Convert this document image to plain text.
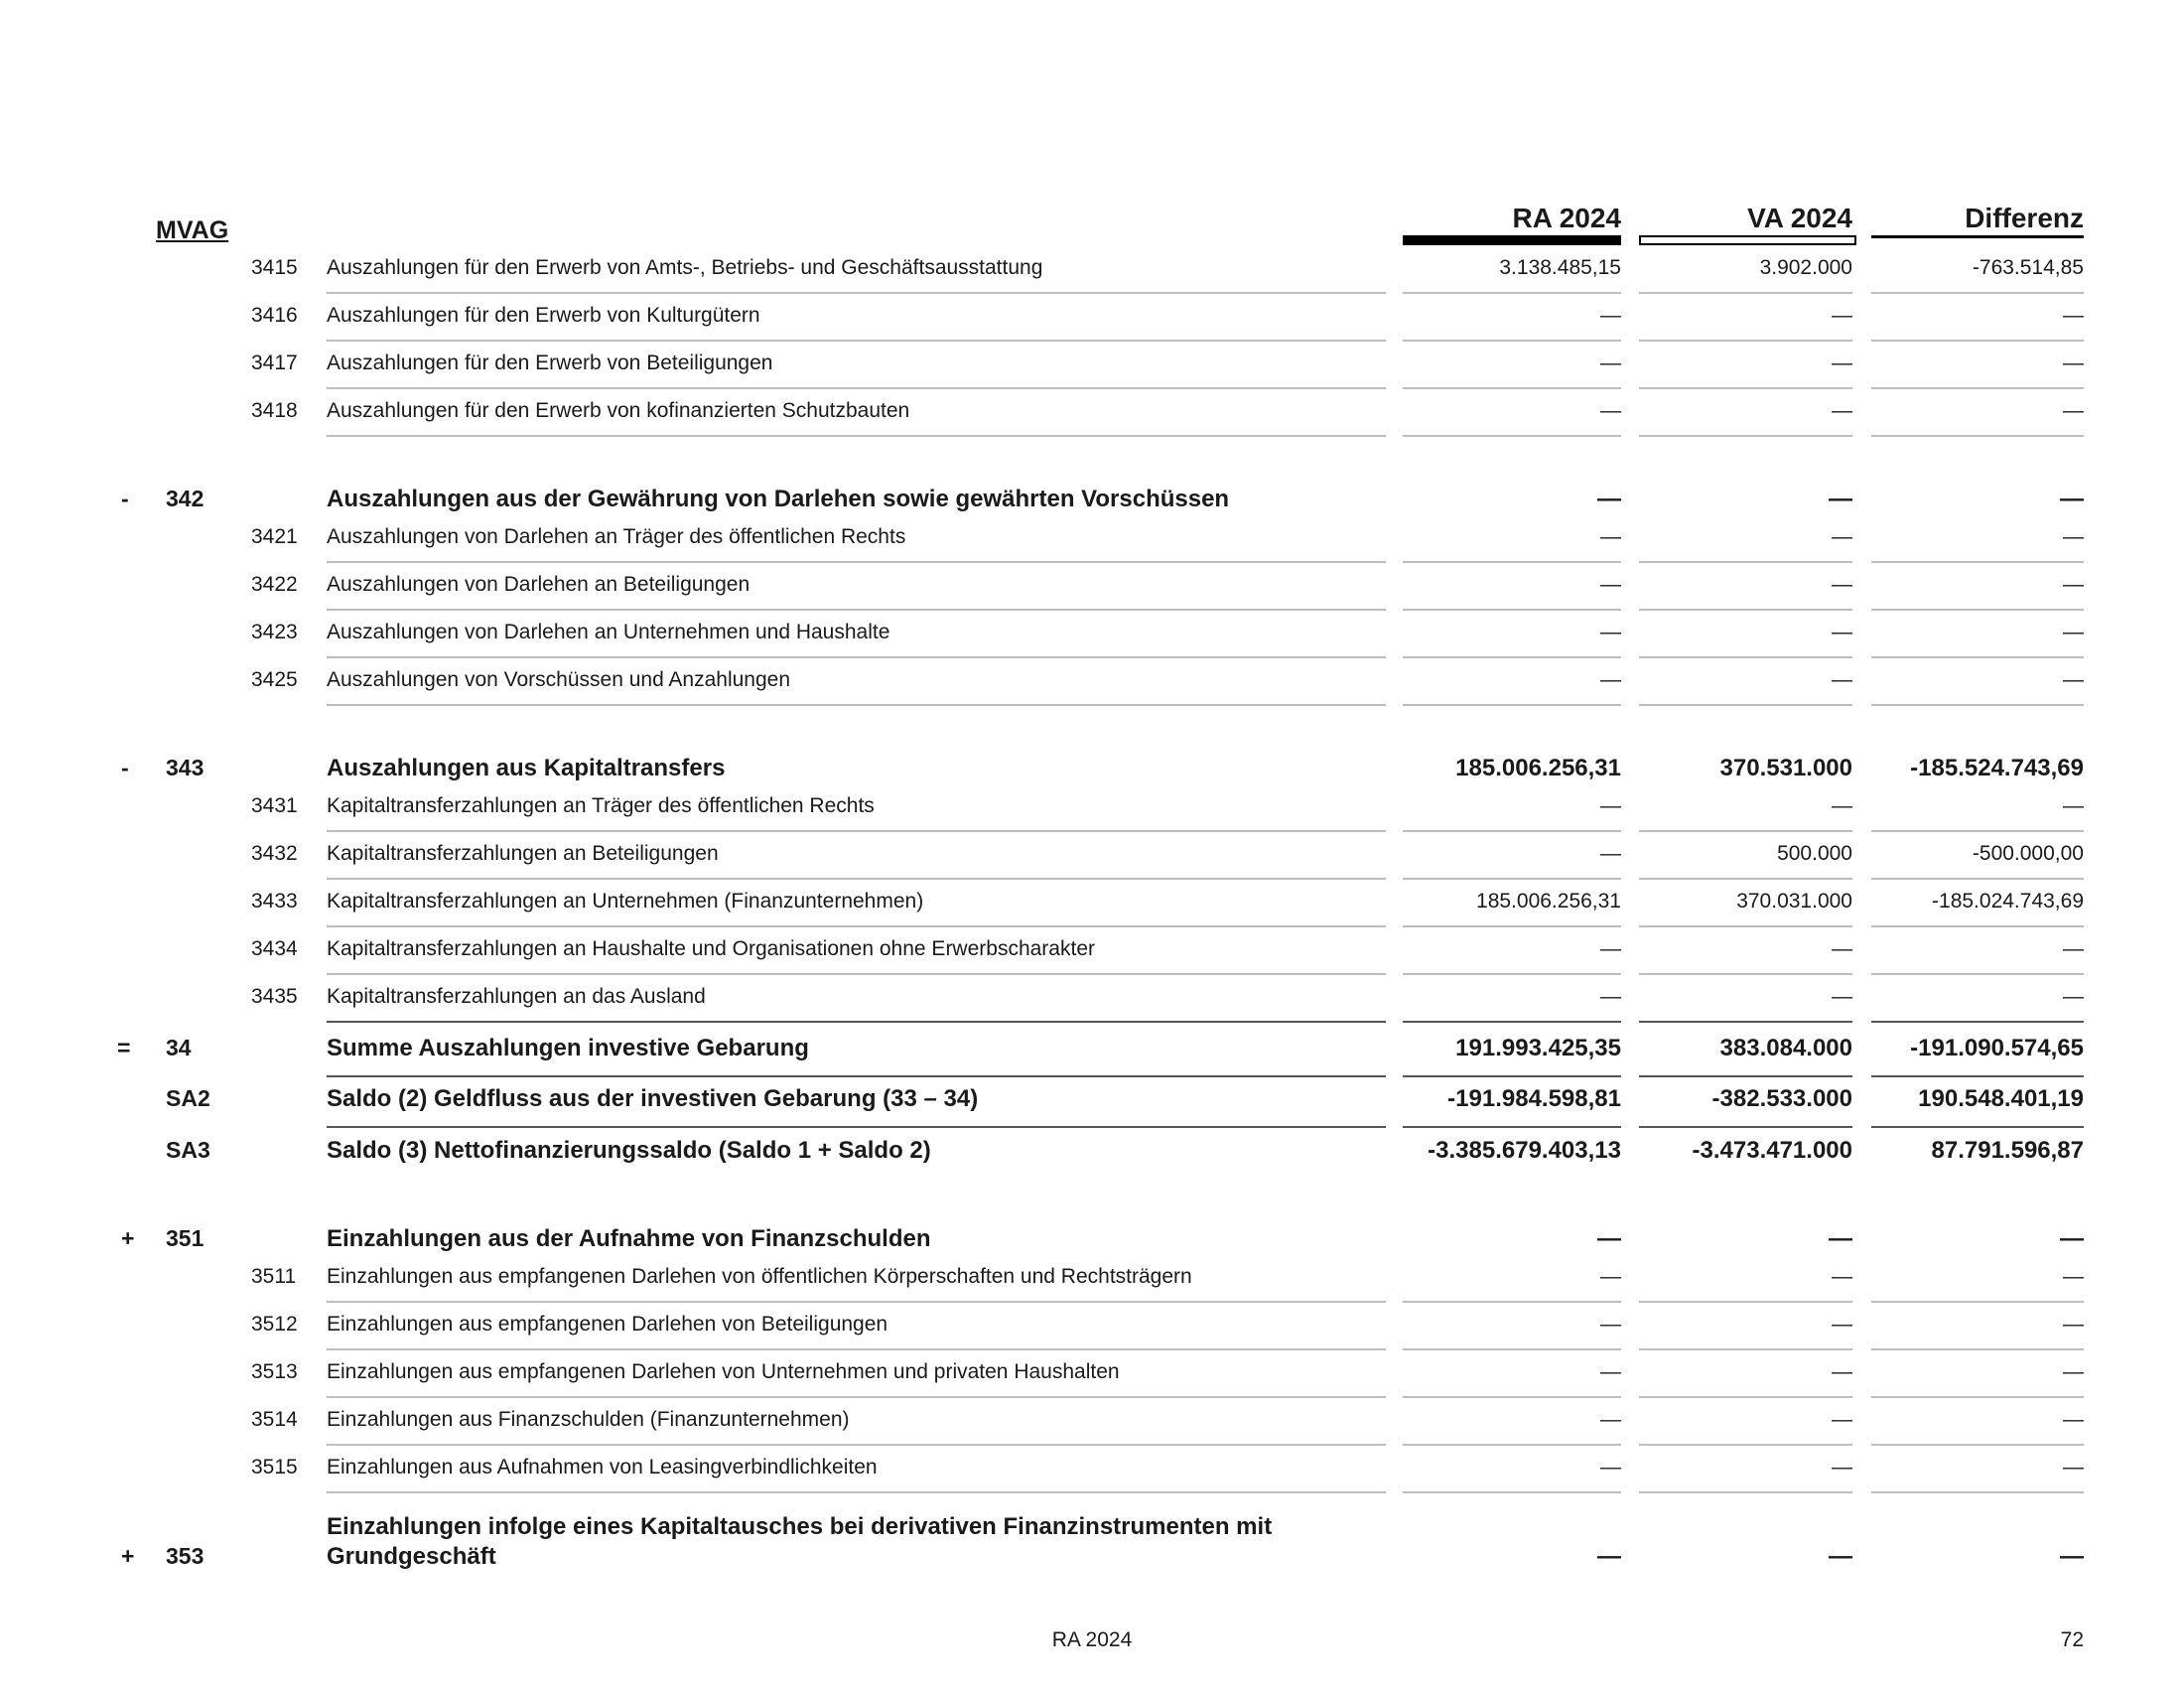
MVAG	RA 2024	VA 2024	Differenz
3415 Auszahlungen für den Erwerb von Amts-, Betriebs- und Geschäftsausstattung	3.138.485,15	3.902.000	-763.514,85
3416 Auszahlungen für den Erwerb von Kulturgütern	—	—	—
3417 Auszahlungen für den Erwerb von Beteiligungen	—	—	—
3418 Auszahlungen für den Erwerb von kofinanzierten Schutzbauten	—	—	—
- 342	Auszahlungen aus der Gewährung von Darlehen sowie gewährten Vorschüssen	—	—	—
3421 Auszahlungen von Darlehen an Träger des öffentlichen Rechts	—	—	—
3422 Auszahlungen von Darlehen an Beteiligungen	—	—	—
3423 Auszahlungen von Darlehen an Unternehmen und Haushalte	—	—	—
3425 Auszahlungen von Vorschüssen und Anzahlungen	—	—	—
- 343	Auszahlungen aus Kapitaltransfers	185.006.256,31	370.531.000	-185.524.743,69
3431 Kapitaltransferzahlungen an Träger des öffentlichen Rechts	—	—	—
3432 Kapitaltransferzahlungen an Beteiligungen	—	500.000	-500.000,00
3433 Kapitaltransferzahlungen an Unternehmen (Finanzunternehmen)	185.006.256,31	370.031.000	-185.024.743,69
3434 Kapitaltransferzahlungen an Haushalte und Organisationen ohne Erwerbscharakter	—	—	—
3435 Kapitaltransferzahlungen an das Ausland	—	—	—
= 34	Summe Auszahlungen investive Gebarung	191.993.425,35	383.084.000	-191.090.574,65
SA2	Saldo (2) Geldfluss aus der investiven Gebarung (33 – 34)	-191.984.598,81	-382.533.000	190.548.401,19
SA3	Saldo (3) Nettofinanzierungssaldo (Saldo 1 + Saldo 2)	-3.385.679.403,13	-3.473.471.000	87.791.596,87
+ 351	Einzahlungen aus der Aufnahme von Finanzschulden	—	—	—
3511 Einzahlungen aus empfangenen Darlehen von öffentlichen Körperschaften und Rechtsträgern	—	—	—
3512 Einzahlungen aus empfangenen Darlehen von Beteiligungen	—	—	—
3513 Einzahlungen aus empfangenen Darlehen von Unternehmen und privaten Haushalten	—	—	—
3514 Einzahlungen aus Finanzschulden (Finanzunternehmen)	—	—	—
3515 Einzahlungen aus Aufnahmen von Leasingverbindlichkeiten	—	—	—
Einzahlungen infolge eines Kapitaltausches bei derivativen Finanzinstrumenten mit
+ 353	Grundgeschäft	—	—	—
RA 2024	72
